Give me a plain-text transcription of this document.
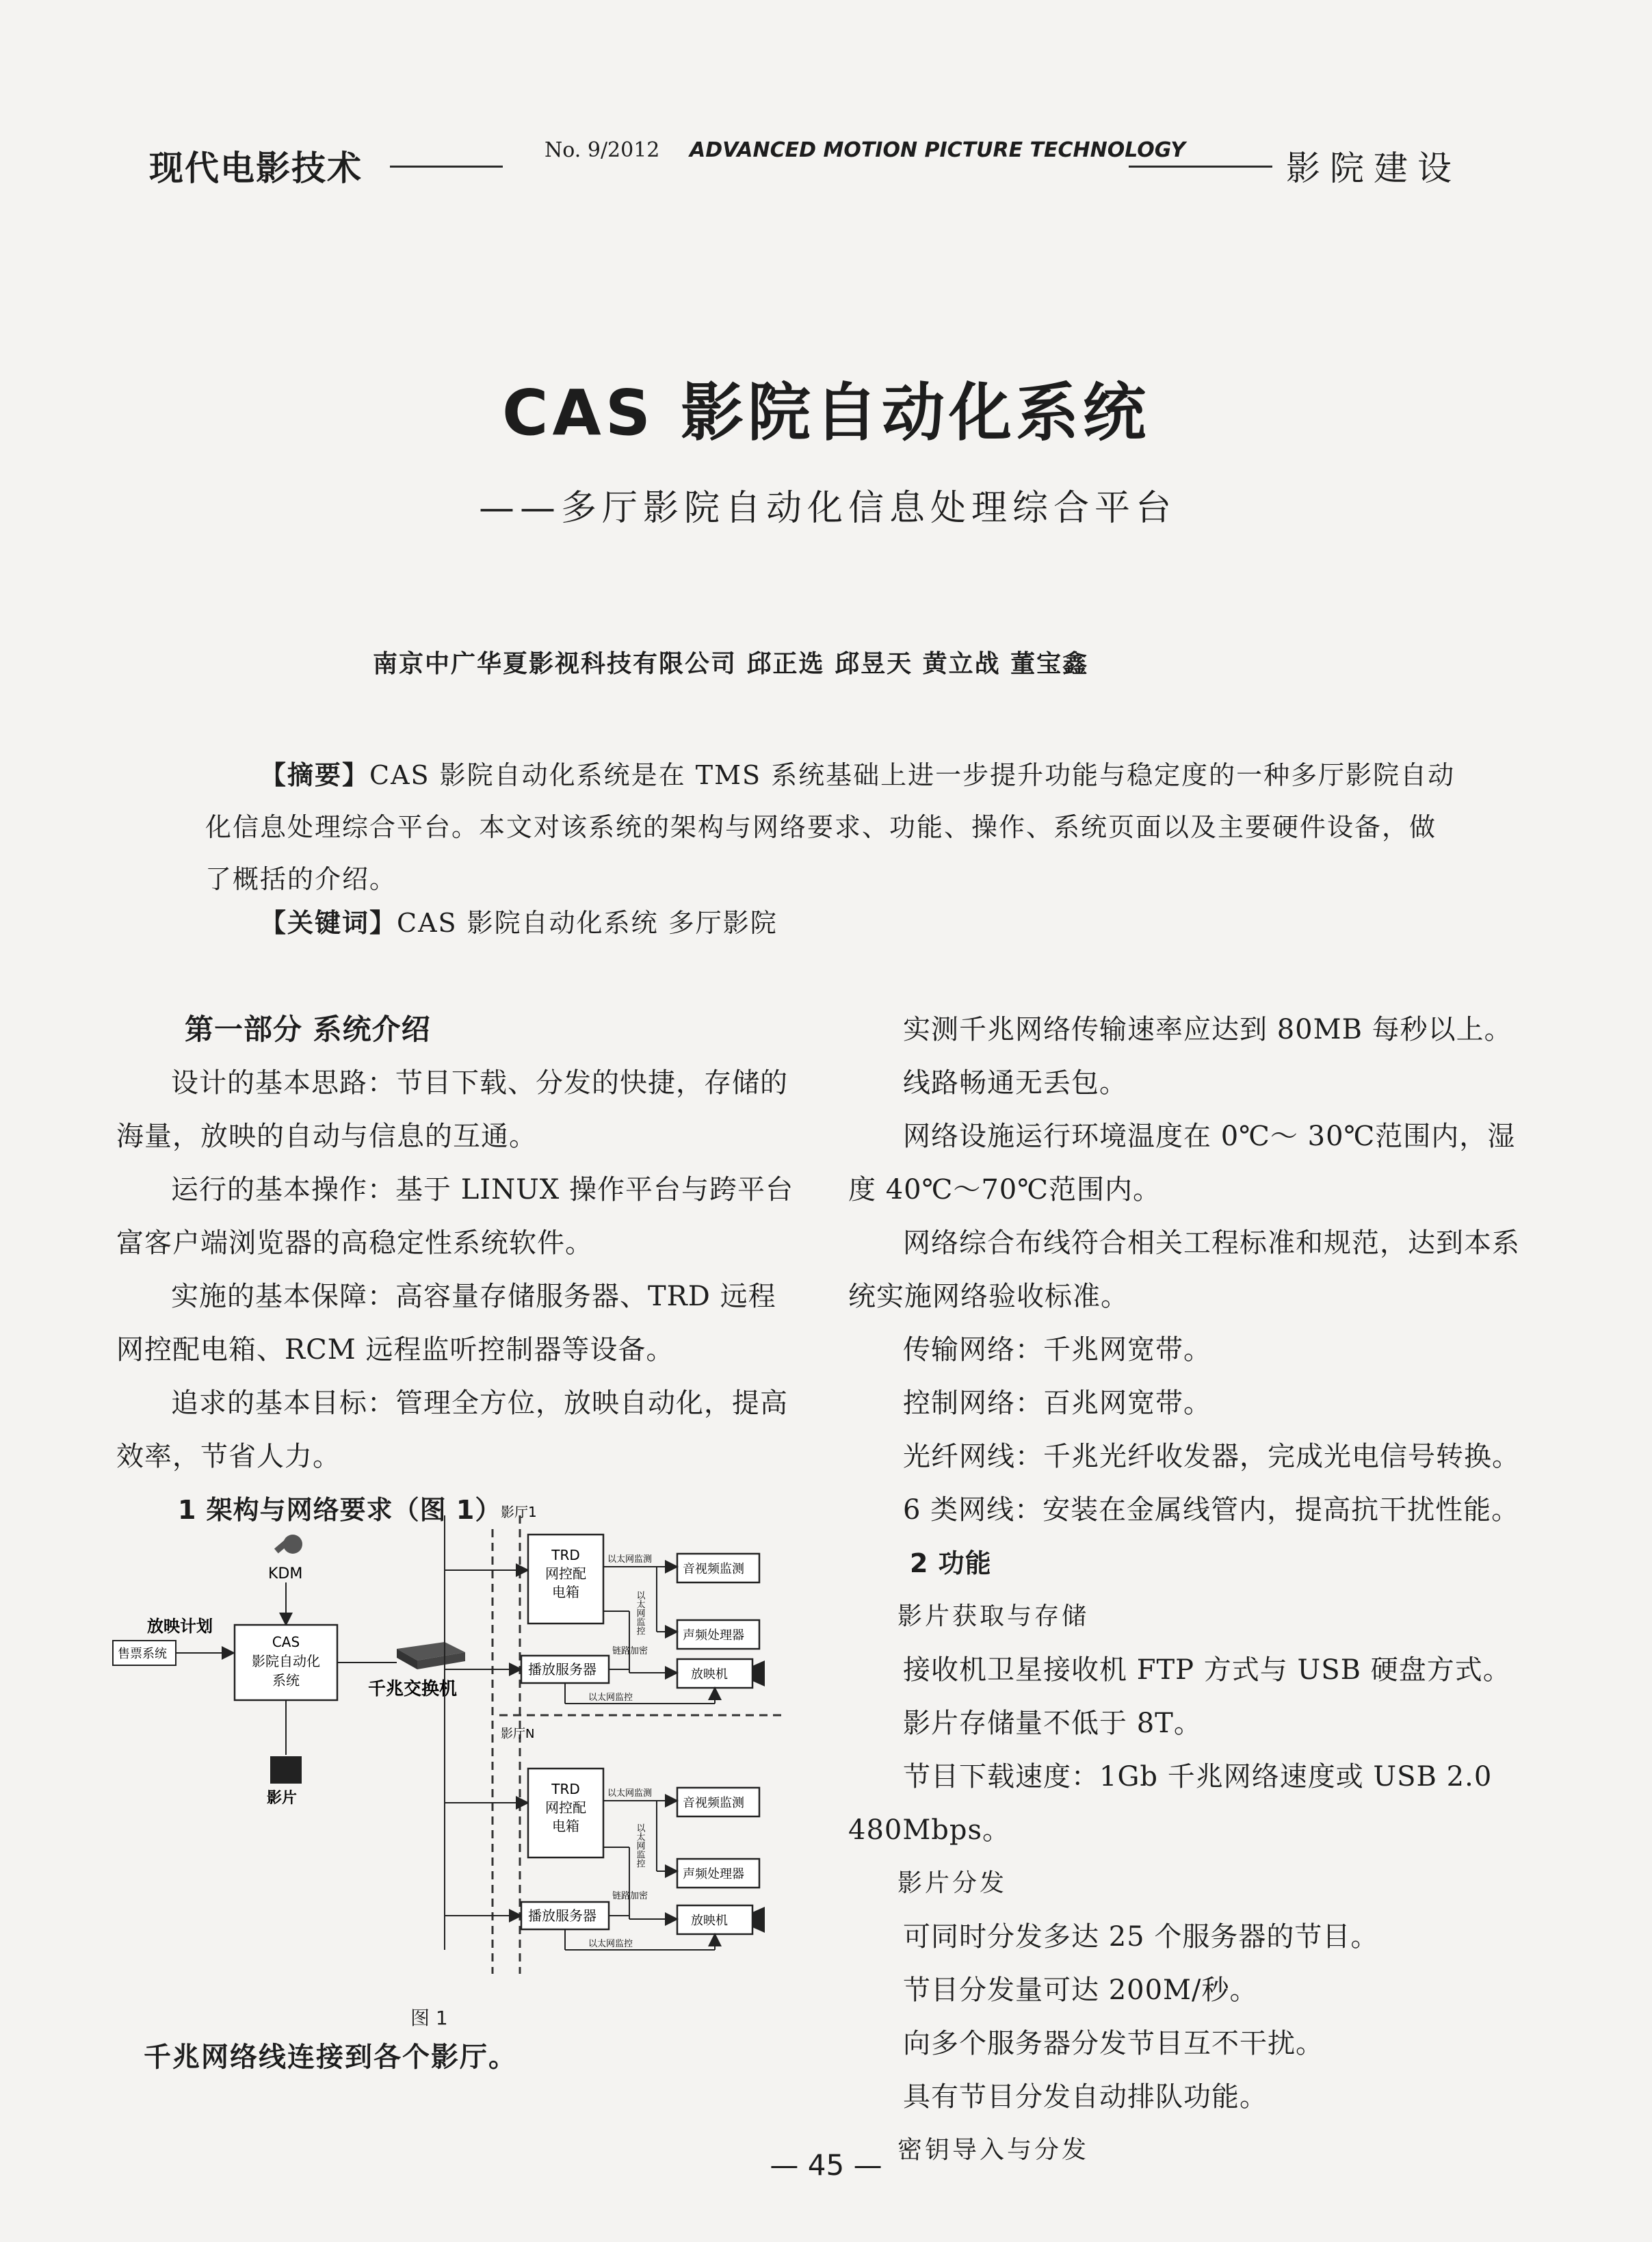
现代电影技术	No. 9/2012 ADVANCED MOTION PICTURE TECHNOLOGY	影院建设
CAS 影院自动化系统
——多厅影院自动化信息处理综合平台
南京中广华夏影视科技有限公司 邱正选 邱昱天 黄立战 董宝鑫
【摘要】CAS 影院自动化系统是在 TMS 系统基础上进一步提升功能与稳定度的一种多厅影院自动化信息处理综合平台。本文对该系统的架构与网络要求、功能、操作、系统页面以及主要硬件设备，做了概括的介绍。
【关键词】CAS 影院自动化系统 多厅影院
第一部分 系统介绍

设计的基本思路：节目下载、分发的快捷，存储的海量，放映的自动与信息的互通。

运行的基本操作：基于 LINUX 操作平台与跨平台富客户端浏览器的高稳定性系统软件。

实施的基本保障：高容量存储服务器、TRD 远程网控配电箱、RCM 远程监听控制器等设备。

追求的基本目标：管理全方位，放映自动化，提高效率，节省人力。

1 架构与网络要求（图 1）
影厅1
影厅N
KDM
放映计划
售票系统
CAS
影院自动化
系统	千兆交换机
影片
TRD
网控配
电箱
播放服务器
音视频监测
声频处理器
放映机
以太网监测
以太网监控
链路加密
以太网监控
TRD
网控配
电箱
播放服务器
音视频监测
声频处理器
放映机
以太网监测
以太网监控
链路加密
以太网监控
图 1
千兆网络线连接到各个影厅。

实测千兆网络传输速率应达到 80MB 每秒以上。

线路畅通无丢包。

网络设施运行环境温度在 0℃～ 30℃范围内，湿度 40℃～70℃范围内。

网络综合布线符合相关工程标准和规范，达到本系统实施网络验收标准。

传输网络：千兆网宽带。

控制网络：百兆网宽带。

光纤网线：千兆光纤收发器，完成光电信号转换。

6 类网线：安装在金属线管内，提高抗干扰性能。

2 功能

影片获取与存储

接收机卫星接收机 FTP 方式与 USB 硬盘方式。

影片存储量不低于 8T。

节目下载速度：1Gb 千兆网络速度或 USB 2.0 480Mbps。

影片分发

可同时分发多达 25 个服务器的节目。

节目分发量可达 200M/秒。

向多个服务器分发节目互不干扰。

具有节目分发自动排队功能。

密钥导入与分发

— 45 —
